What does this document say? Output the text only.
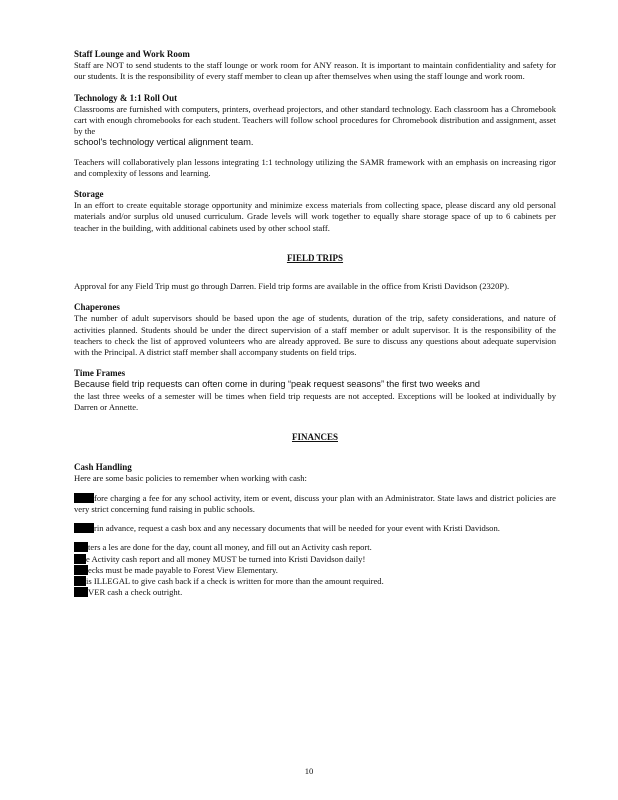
Staff Lounge and Work Room

Staff are NOT to send students to the staff lounge or work room for ANY reason. It is important to maintain confidentiality and safety for our students. It is the responsibility of every staff member to clean up after themselves when using the staff lounge and work room.

Technology & 1:1 Roll Out

Classrooms are furnished with computers, printers, overhead projectors, and other standard technology. Each classroom has a Chromebook cart with enough chromebooks for each student. Teachers will follow school procedures for Chromebook distribution and assignment, asset by the

school's technology vertical alignment team.

Teachers will collaboratively plan lessons integrating 1:1 technology utilizing the SAMR framework with an emphasis on increasing rigor and complexity of lessons and learning.

Storage

In an effort to create equitable storage opportunity and minimize excess materials from collecting space, please discard any old personal materials and/or surplus old unused curriculum. Grade levels will work together to equally share storage space of up to 6 cabinets per teacher in the building, with additional cabinets used by other school staff.

FIELD TRIPS

Approval for any Field Trip must go through Darren. Field trip forms are available in the office from Kristi Davidson (2320P).

Chaperones

The number of adult supervisors should be based upon the age of students, duration of the trip, safety considerations, and nature of activities planned. Students should be under the direct supervision of a staff member or adult supervisor. It is the responsibility of the teachers to check the list of approved volunteers who are already approved. Be sure to discuss any questions about adequate supervision with the Principal. A district staff member shall accompany students on field trips.

Time Frames

Because field trip requests can often come in during “peak request seasons” the first two weeks and

the last three weeks of a semester will be times when field trip requests are not accepted. Exceptions will be looked at individually by Darren or Annette.

FINANCES

Cash Handling

Here are some basic policies to remember when working with cash:

fore charging a fee for any school activity, item or event, discuss your plan with an Administrator. State laws and district policies are very strict concerning fund raising in public schools.

rin advance, request a cash box and any necessary documents that will be needed for your event with Kristi Davidson.

ters a les are done for the day, count all money, and fill out an Activity cash report.

e Activity cash report and all money MUST be turned into Kristi Davidson daily!

ecks must be made payable to Forest View Elementary.

is ILLEGAL to give cash back if a check is written for more than the amount required.

VER cash a check outright.

10
